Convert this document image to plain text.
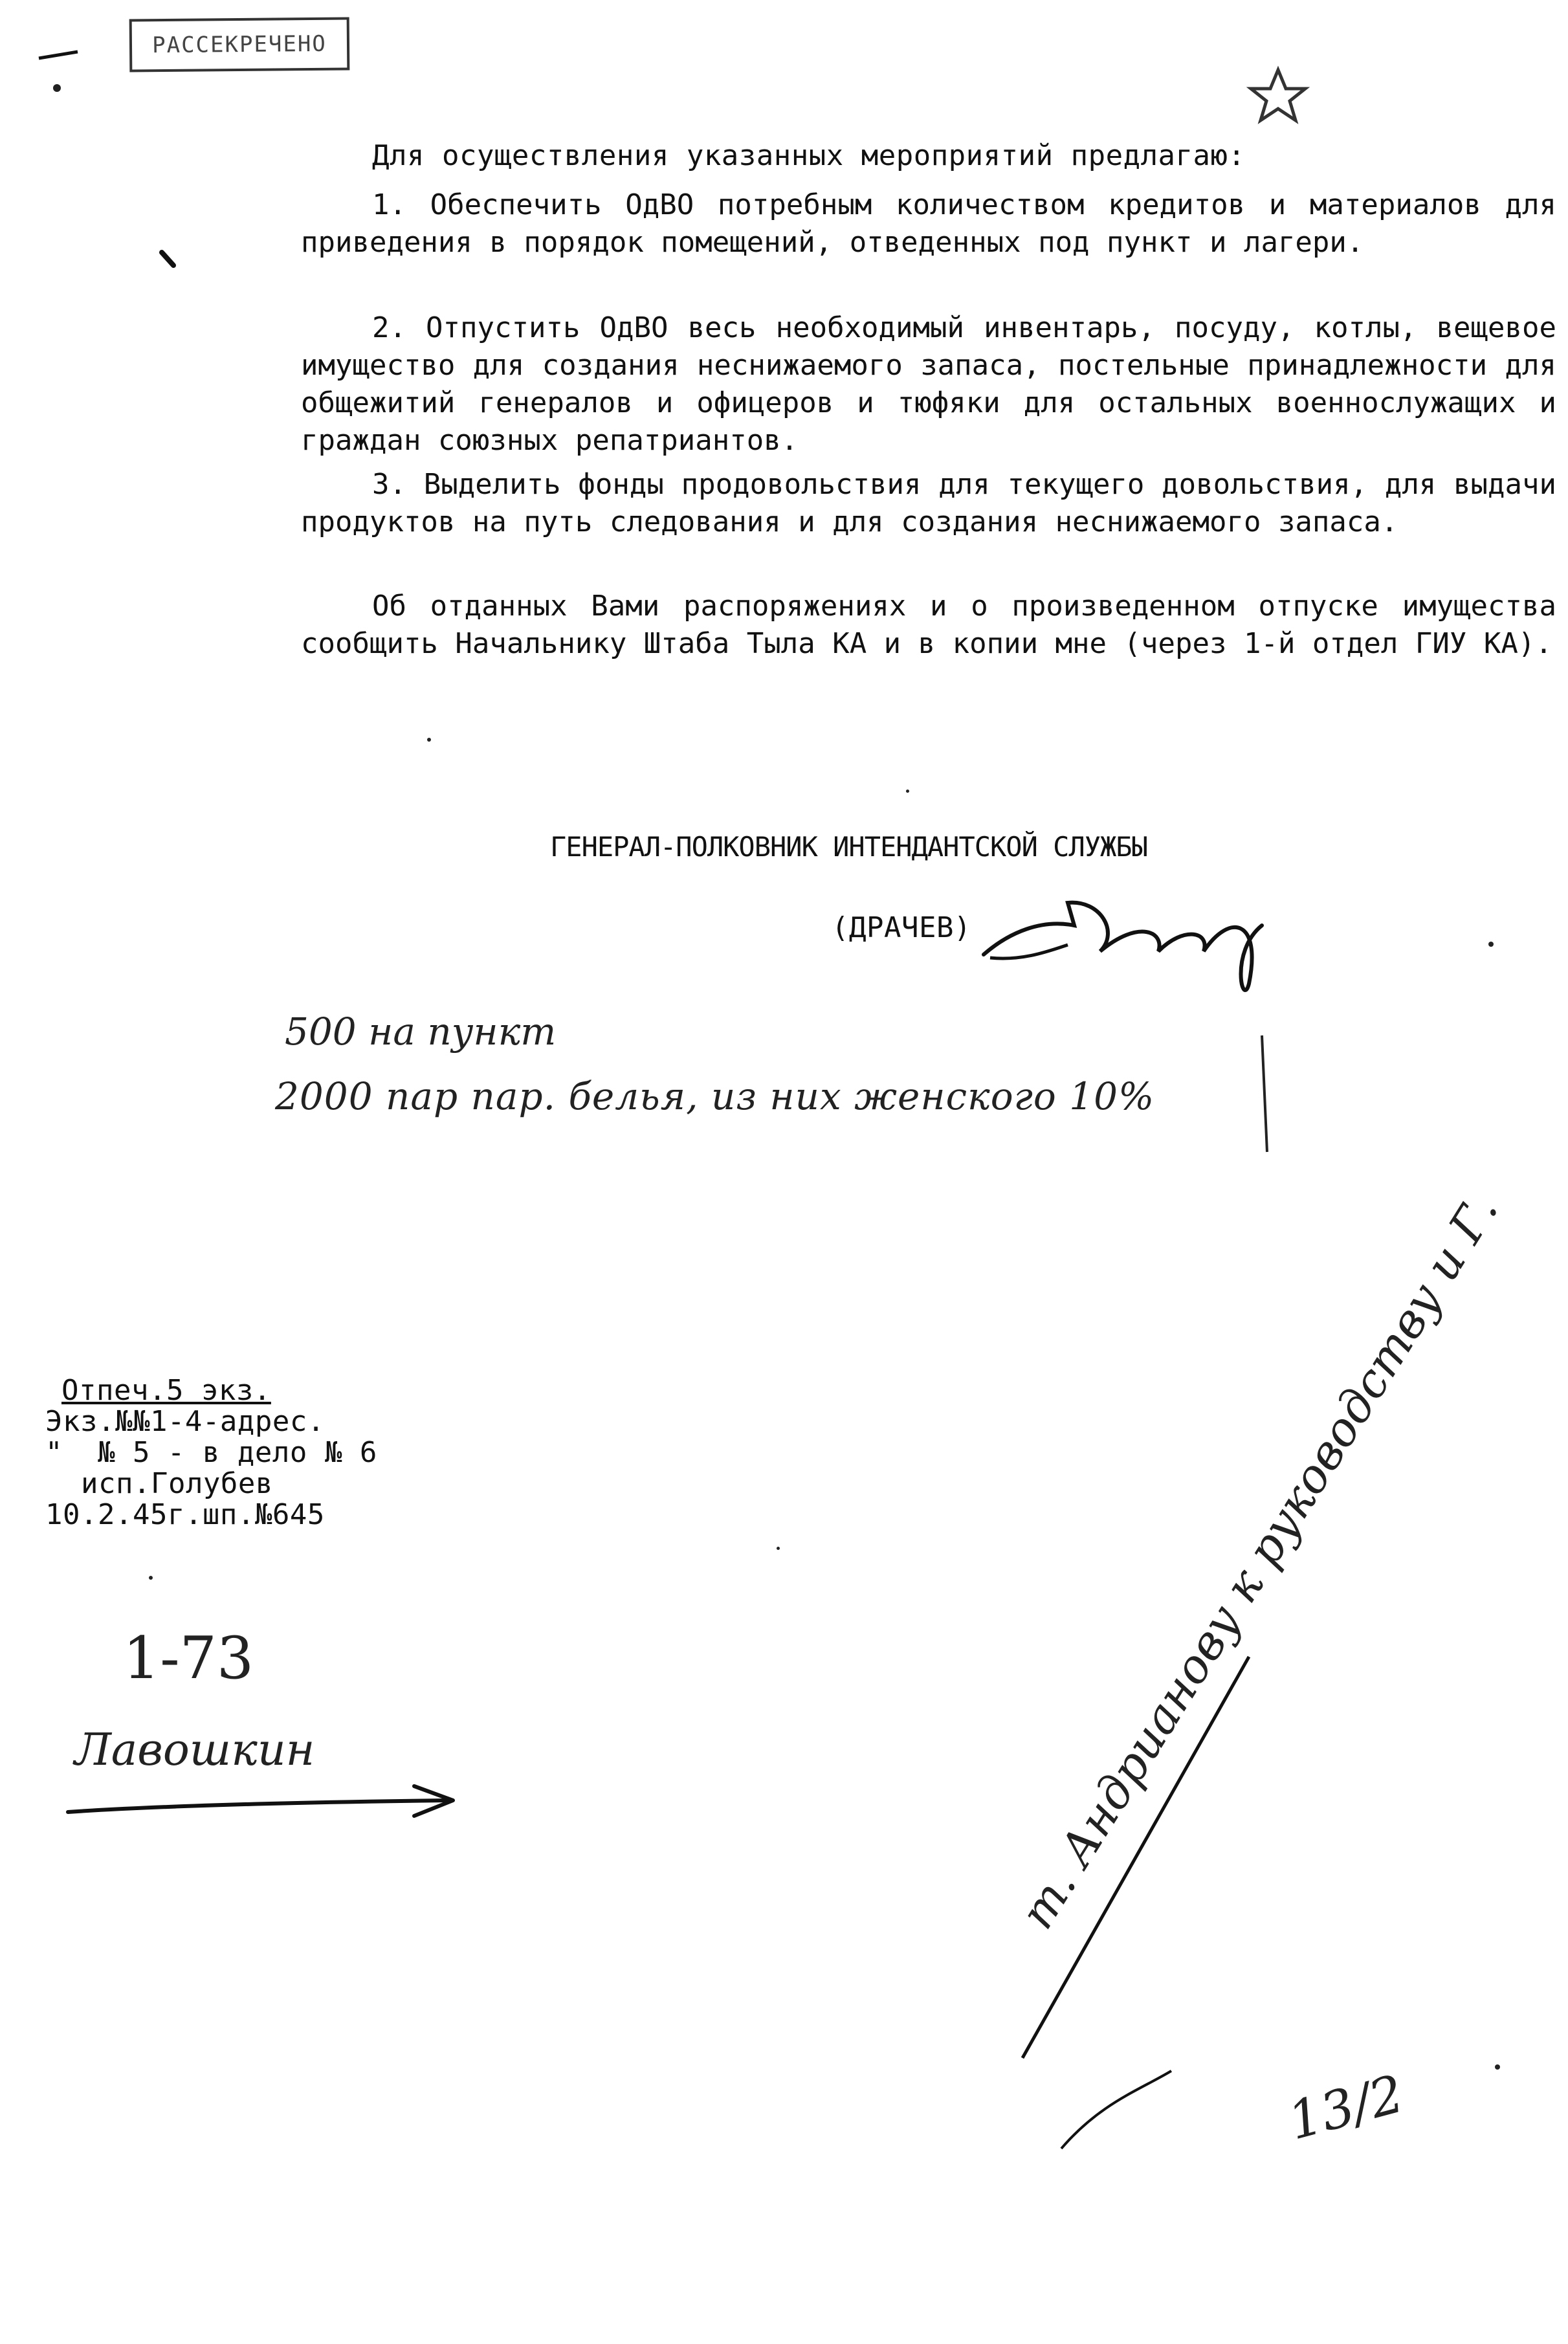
РАССЕКРЕЧЕНО
Для осуществления указанных мероприятий предлагаю:
1. Обеспечить ОдВО потребным количеством кредитов и материалов для приведения в порядок помещений, отведенных под пункт и лагери.
2. Отпустить ОдВО весь необходимый инвентарь, посуду, котлы, вещевое имущество для создания неснижаемого запаса, постельные принадлежности для общежитий генералов и офицеров и тюфяки для остальных военнослужащих и граждан союзных репатриантов.
3. Выделить фонды продовольствия для текущего довольствия, для выдачи продуктов на путь следования и для создания неснижаемого запаса.
Об отданных Вами распоряжениях и о произведенном отпуске имущества сообщить Начальнику Штаба Тыла КА и в копии мне (через 1-й отдел ГИУ КА).
ГЕНЕРАЛ-ПОЛКОВНИК ИНТЕНДАНТСКОЙ СЛУЖБЫ
(ДРАЧЕВ)
500 на пункт
2000 пар пар. белья, из них женского 10%
Отпеч.5 экз.
Экз.№№1-4-адрес.
"  № 5 - в дело № 6
исп.Голубев
10.2.45г.шп.№645
1-73
Лавошкин	т. Андрианову к руководству и Г.
13/2
